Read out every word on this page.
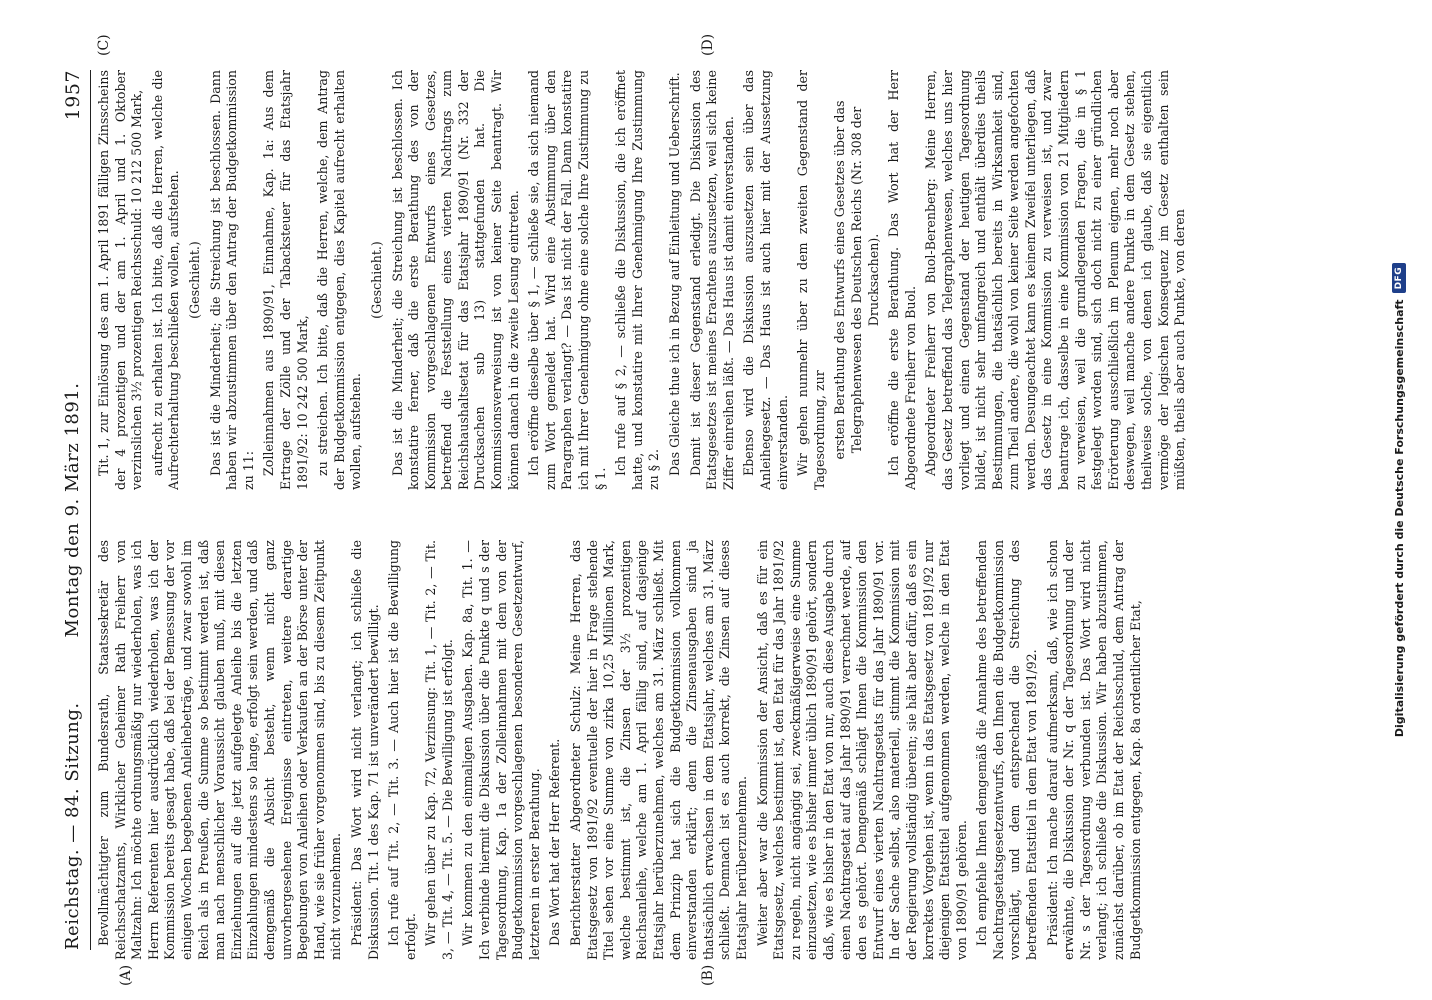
Reichstag. — 84. Sitzung.
Montag den 9. März 1891.
1957
(A)	(B)
(C)	(D)

Bevollmächtigter zum Bundesrath, Staatssekretär des Reichsschatzamts, Wirklicher Geheimer Rath Freiherr von Maltzahn: Ich möchte ordnungsmäßig nur wiederholen, was ich Herrn Referenten hier ausdrücklich wiederholen, was ich der Kommission bereits gesagt habe, daß bei der Bemessung der vor einigen Wochen begebenen Anleihebeträge, und zwar sowohl im Reich als in Preußen, die Summe so bestimmt werden ist, daß man nach menschlicher Voraussicht glauben muß, mit diesen Einziehungen auf die jetzt aufgelegte Anleihe bis die letzten Einzahlungen mindestens so lange, erfolgt sein werden, und daß demgemäß die Absicht besteht, wenn nicht ganz unvorhergesehene Ereignisse eintreten, weitere derartige Begebungen von Anleihen oder Verkaufen an der Börse unter der Hand, wie sie früher vorgenommen sind, bis zu diesem Zeitpunkt nicht vorzunehmen. Präsident: Das Wort wird nicht verlangt; ich schließe die Diskussion. Tit. 1 des Kap. 71 ist unverändert bewilligt. Ich rufe auf Tit. 2, — Tit. 3. — Auch hier ist die Bewilligung erfolgt. Wir gehen über zu Kap. 72, Verzinsung: Tit. 1, — Tit. 2, — Tit. 3, — Tit. 4, — Tit. 5. — Die Bewilligung ist erfolgt. Wir kommen zu den einmaligen Ausgaben. Kap. 8a, Tit. 1. — Ich verbinde hiermit die Diskussion über die Punkte q und s der Tagesordnung, Kap. 1a der Zolleinnahmen mit dem von der Budgetkommission vorgeschlagenen besonderen Gesetzentwurf, letzteren in erster Berathung. Das Wort hat der Herr Referent. Berichterstatter Abgeordneter Schulz: Meine Herren, das Etatsgesetz von 1891/92 eventuelle der hier in Frage stehende Titel sehen vor eine Summe von zirka 10,25 Millionen Mark, welche bestimmt ist, die Zinsen der 3½ prozentigen Reichsanleihe, welche am 1. April fällig sind, auf dasjenige Etatsjahr herüberzunehmen, welches am 31. März schließt. Mit dem Prinzip hat sich die Budgetkommission vollkommen einverstanden erklärt; denn die Zinsenausgaben sind ja thatsächlich erwachsen in dem Etatsjahr, welches am 31. März schließt. Demnach ist es auch korrekt, die Zinsen auf dieses Etatsjahr herüberzunehmen. Weiter aber war die Kommission der Ansicht, daß es für ein Etatsgesetz, welches bestimmt ist, den Etat für das Jahr 1891/92 zu regeln, nicht angängig sei, zweckmäßigerweise eine Summe einzusetzen, wie es bisher immer üblich 1890/91 gehört, sondern daß, wie es bisher in den Etat von nur, auch diese Ausgabe durch einen Nachtragsetat auf das Jahr 1890/91 verrechnet werde, auf den es gehört. Demgemäß schlägt Ihnen die Kommission den Entwurf eines vierten Nachtragsetats für das Jahr 1890/91 vor. In der Sache selbst, also materiell, stimmt die Kommission mit der Regierung vollständig überein; sie hält aber dafür, daß es ein korrektes Vorgehen ist, wenn in das Etatsgesetz von 1891/92 nur diejenigen Etatstitel aufgenommen werden, welche in den Etat von 1890/91 gehören. Ich empfehle Ihnen demgemäß die Annahme des betreffenden Nachtragsetatsgesetzentwurfs, den Ihnen die Budgetkommission vorschlägt, und dem entsprechend die Streichung des betreffenden Etatstitel in dem Etat von 1891/92. Präsident: Ich mache darauf aufmerksam, daß, wie ich schon erwähnte, die Diskussion der Nr. q der Tagesordnung und der Nr. s der Tagesordnung verbunden ist. Das Wort wird nicht verlangt; ich schließe die Diskussion. Wir haben abzustimmen, zunächst darüber, ob im Etat der Reichsschuld, dem Antrag der Budgetkommission entgegen, Kap. 8a ordentlicher Etat,

Tit. 1, zur Einlösung des am 1. April 1891 fälligen Zinsscheins der 4 prozentigen und der am 1. April und 1. Oktober verzinslichen 3½ prozentigen Reichsschuld: 10 212 500 Mark, aufrecht zu erhalten ist. Ich bitte, daß die Herren, welche die Aufrechterhaltung beschließen wollen, aufstehen. (Geschieht.) Das ist die Minderheit; die Streichung ist beschlossen. Dann haben wir abzustimmen über den Antrag der Budgetkommission zu 11: Zolleinnahmen aus 1890/91, Einnahme, Kap. 1a: Aus dem Ertrage der Zölle und der Tabacksteuer für das Etatsjahr 1891/92: 10 242 500 Mark, zu streichen. Ich bitte, daß die Herren, welche, dem Antrag der Budgetkommission entgegen, dies Kapitel aufrecht erhalten wollen, aufstehen.

(Geschieht.) Das ist die Minderheit; die Streichung ist beschlossen. Ich konstatire ferner, daß die erste Berathung des von der Kommission vorgeschlagenen Entwurfs eines Gesetzes, betreffend die Feststellung eines vierten Nachtrags zum Reichshaushaltsetat für das Etatsjahr 1890/91 (Nr. 332 der Drucksachen sub 13) stattgefunden hat. Die Kommissionsverweisung ist von keiner Seite beantragt. Wir können danach in die zweite Lesung eintreten. Ich eröffne dieselbe über § 1, — schließe sie, da sich niemand zum Wort gemeldet hat. Wird eine Abstimmung über den Paragraphen verlangt? — Das ist nicht der Fall. Dann konstatire ich mit Ihrer Genehmigung ohne eine solche Ihre Zustimmung zu § 1.

Ich rufe auf § 2, — schließe die Diskussion, die ich eröffnet hatte, und konstatire mit Ihrer Genehmigung Ihre Zustimmung zu § 2. Das Gleiche thue ich in Bezug auf Einleitung und Ueberschrift. Damit ist dieser Gegenstand erledigt. Die Diskussion des Etatsgesetzes ist meines Erachtens auszusetzen, weil sich keine Ziffer einreihen läßt. — Das Haus ist damit einverstanden. Ebenso wird die Diskussion auszusetzen sein über das Anleihegesetz. — Das Haus ist auch hier mit der Aussetzung einverstanden. Wir gehen nunmehr über zu dem zweiten Gegenstand der Tagesordnung, zur ersten Berathung des Entwurfs eines Gesetzes über das Telegraphenwesen des Deutschen Reichs (Nr. 308 der Drucksachen). Ich eröffne die erste Berathung. Das Wort hat der Herr Abgeordnete Freiherr von Buol. Abgeordneter Freiherr von Buol-Berenberg: Meine Herren, das Gesetz betreffend das Telegraphenwesen, welches uns hier vorliegt und einen Gegenstand der heutigen Tagesordnung bildet, ist nicht sehr umfangreich und enthält überdies theils Bestimmungen, die thatsächlich bereits in Wirksamkeit sind, zum Theil andere, die wohl von keiner Seite werden angefochten werden. Desungeachtet kann es keinem Zweifel unterliegen, daß das Gesetz in eine Kommission zu verweisen ist, und zwar beantrage ich, dasselbe in eine Kommission von 21 Mitgliedern zu verweisen, weil die grundlegenden Fragen, die in § 1 festgelegt worden sind, sich doch nicht zu einer gründlichen Erörterung ausschließlich im Plenum eignen, mehr noch aber deswegen, weil manche andere Punkte in dem Gesetz stehen, theilweise solche, von denen ich glaube, daß sie eigentlich vermöge der logischen Konsequenz im Gesetz enthalten sein müßten, theils aber auch Punkte, von deren	Digitalisierung gefördert durch die Deutsche Forschungsgemeinschaft
DFG
